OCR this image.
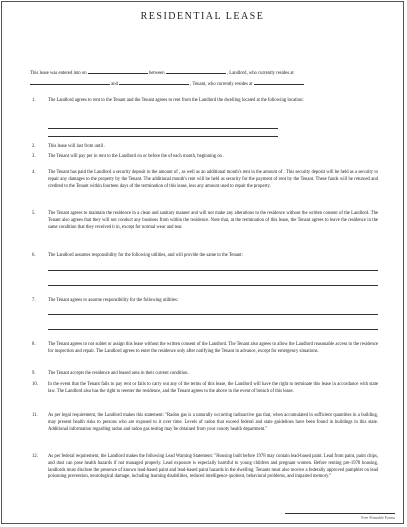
RESIDENTIAL LEASE
This lease was entered into on	between	, Landlord, who currently resides at
and	, Tenant, who currently resides at
1.	The Landlord agrees to rent to the Tenant and the Tenant agrees to rent from the Landlord the dwelling located at the following location:
2.	This lease will last from until .
3.	The Tenant will pay per in rent to the Landlord on or before the of each month, beginning on .
4.	The Tenant has paid the Landlord a security deposit in the amount of , as well as an additional month's rent in the amount of . This security deposit will be held as a security to repair any damages to the property by the Tenant. The additional month's rent will be held as security for the payment of rent by the Tenant. These funds will be returned and credited to the Tenant within fourteen days of the termination of this lease, less any amount used to repair the property.
5.	The Tenant agrees to maintain the residence in a clean and sanitary manner and will not make any alterations to the residence without the written consent of the Landlord. The Tenant also agrees that they will not conduct any business from within the residence. Note that, at the termination of this lease, the Tenant agrees to leave the residence in the same condition that they received it in, except for normal wear and tear.
6.	The Landlord assumes responsibility for the following utilities, and will provide the same to the Tenant:
7.	The Tenant agrees to assume responsibility for the following utilities:
8.	The Tenant agrees to not sublet or assign this lease without the written consent of the Landlord. The Tenant also agrees to allow the Landlord reasonable access to the residence for inspection and repair. The Landlord agrees to enter the residence only after notifying the Tenant in advance, except for emergency situations.
9.	The Tenant accepts the residence and leased area in their current condition.
10.	In the event that the Tenant fails to pay rent or fails to carry out any of the terms of this lease, the Landlord will have the right to terminate this lease in accordance with state law. The Landlord also has the right to reenter the residence, and the Tenant agrees to the above in the event of breach of this lease.
11.	As per legal requirement, the Landlord makes this statement: "Radon gas is a naturally occurring radioactive gas that, when accumulated in sufficient quantities in a building, may present health risks to persons who are exposed to it over time. Levels of radon that exceed federal and state guidelines have been found in buildings in this state. Additional information regarding radon and radon gas testing may be obtained from your county health department."
12.	As per federal requirement, the Landlord makes the following Lead Warning Statement: "Housing built before 1978 may contain lead-based paint. Lead from paint, paint chips, and dust can pose health hazards if not managed properly. Lead exposure is especially harmful to young children and pregnant women. Before renting pre-1978 housing, landlords must disclose the presence of known lead-based paint and lead-based paint hazards in the dwelling. Tenants must also receive a federally approved pamphlet on lead poisoning prevention, neurological damage, including learning disabilities, reduced intelligence quotient, behavioral problems, and impaired memory."
Free Printable Forms
